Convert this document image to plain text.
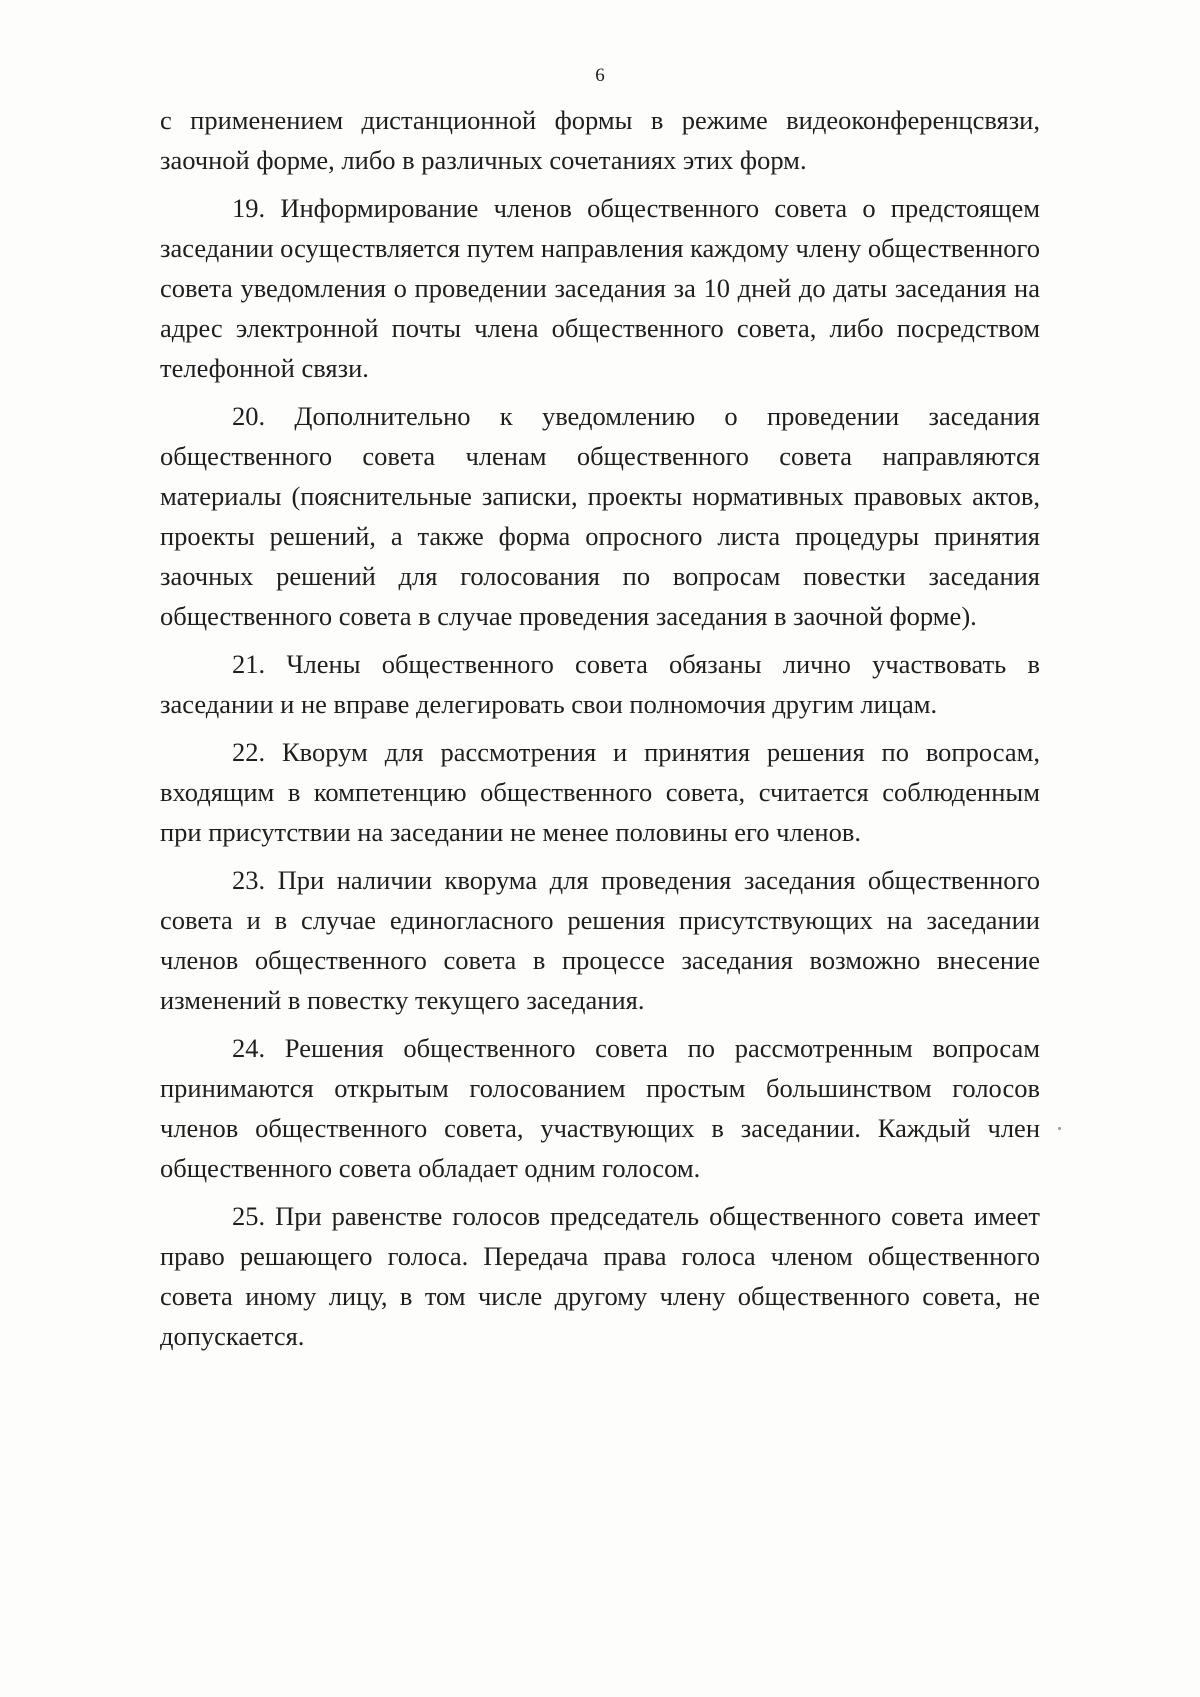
6

с применением дистанционной формы в режиме видеоконференцсвязи, заочной форме, либо в различных сочетаниях этих форм.

19. Информирование членов общественного совета о предстоящем заседании осуществляется путем направления каждому члену общественного совета уведомления о проведении заседания за 10 дней до даты заседания на адрес электронной почты члена общественного совета, либо посредством телефонной связи.

20. Дополнительно к уведомлению о проведении заседания общественного совета членам общественного совета направляются материалы (пояснительные записки, проекты нормативных правовых актов, проекты решений, а также форма опросного листа процедуры принятия заочных решений для голосования по вопросам повестки заседания общественного совета в случае проведения заседания в заочной форме).

21. Члены общественного совета обязаны лично участвовать в заседании и не вправе делегировать свои полномочия другим лицам.

22. Кворум для рассмотрения и принятия решения по вопросам, входящим в компетенцию общественного совета, считается соблюденным при присутствии на заседании не менее половины его членов.

23. При наличии кворума для проведения заседания общественного совета и в случае единогласного решения присутствующих на заседании членов общественного совета в процессе заседания возможно внесение изменений в повестку текущего заседания.

24. Решения общественного совета по рассмотренным вопросам принимаются открытым голосованием простым большинством голосов членов общественного совета, участвующих в заседании. Каждый член общественного совета обладает одним голосом.

25. При равенстве голосов председатель общественного совета имеет право решающего голоса. Передача права голоса членом общественного совета иному лицу, в том числе другому члену общественного совета, не допускается.
